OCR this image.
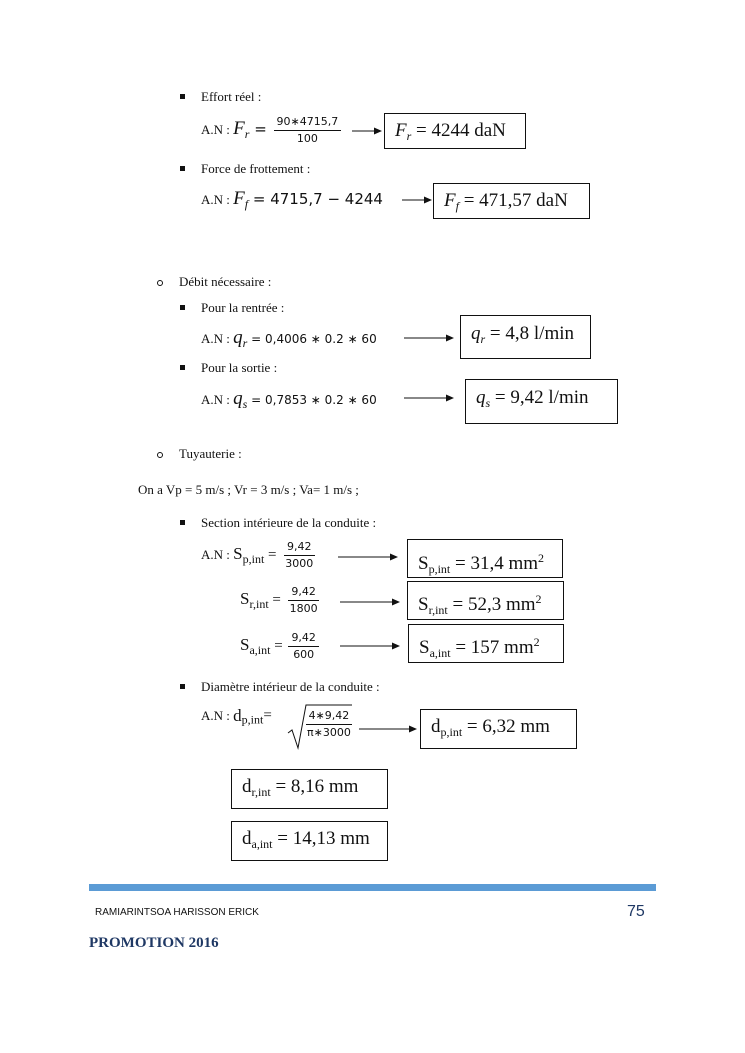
Effort réel :
A.N : $F_r = \frac{90∗4715,7}{100}$	$F_r = 4244$ daN
Force de frottement :
A.N : $F_f = 4715,7 - 4244$	$F_f = 471,57$ daN
Débit nécessaire :
Pour la rentrée :
A.N : $q_r = 0,4006$ ∗ 0.2 ∗ 60	$q_r = 4,8$ l/min
Pour la sortie :
A.N : $q_s = 0,7853$ ∗ 0.2 ∗ 60	$q_s = 9,42$ l/min
Tuyauterie :
On a Vp = 5 m/s ; Vr = 3 m/s ; Va= 1 m/s ;
Section intérieure de la conduite :
A.N : $S_{p,int} = \frac{9,42}{3000}$	$S_{p,int} = 31,4$ $mm^2$
$S_{r,int} = \frac{9,42}{1800}$	$S_{r,int} = 52,3$ $mm^2$
$S_{a,int} = \frac{9,42}{600}$	$S_{a,int} = 157$ $mm^2$
Diamètre intérieur de la conduite :
A.N : $d_{p,int}=$	$\frac{4∗9,42}{\pi∗3000}$	$d_{p,int} = 6,32$ mm
$d_{r,int} = 8,16$ mm
$d_{a,int} = 14,13$ mm
RAMIARINTSOA HARISSON ERICK	75
PROMOTION 2016
